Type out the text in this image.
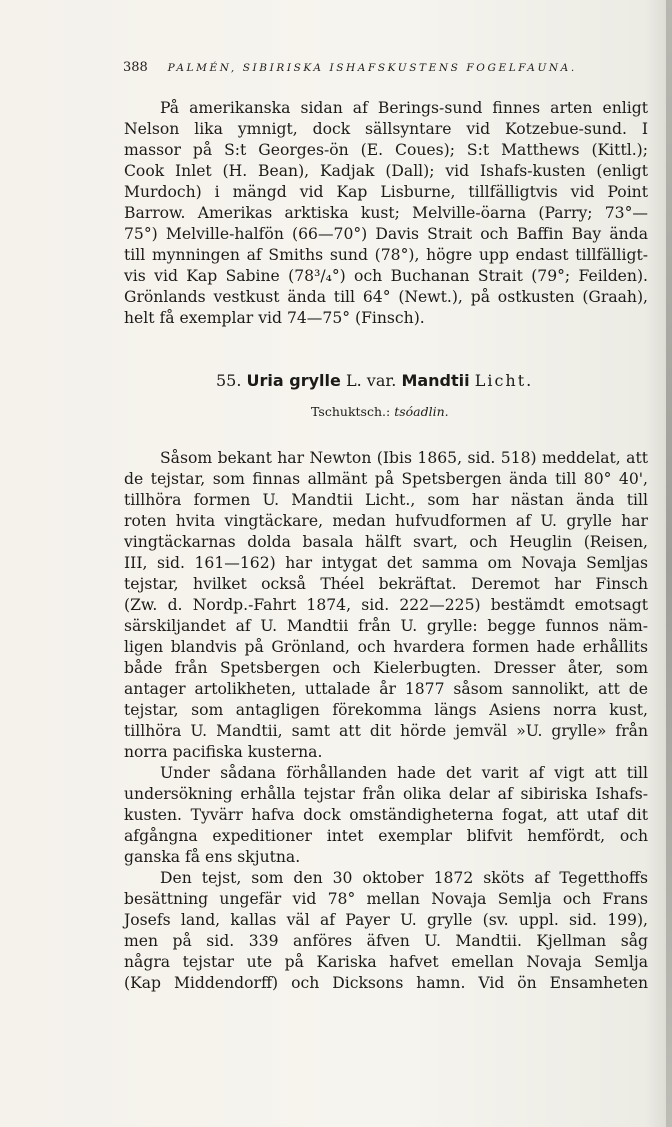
388 PALMÉN, SIBIRISKA ISHAFSKUSTENS FOGELFAUNA.
På amerikanska sidan af Berings-sund finnes arten enligt
Nelson lika ymnigt, dock sällsyntare vid Kotzebue-sund. I
massor på S:t Georges-ön (E. Coues); S:t Matthews (Kittl.);
Cook Inlet (H. Bean), Kadjak (Dall); vid Ishafs-kusten (enligt
Murdoch) i mängd vid Kap Lisburne, tillfälligtvis vid Point
Barrow. Amerikas arktiska kust; Melville-öarna (Parry; 73°—
75°) Melville-halfön (66—70°) Davis Strait och Baffin Bay ända
till mynningen af Smiths sund (78°), högre upp endast tillfälligt-
vis vid Kap Sabine (78³/₄°) och Buchanan Strait (79°; Feilden).
Grönlands vestkust ända till 64° (Newt.), på ostkusten (Graah),
helt få exemplar vid 74—75° (Finsch).
55. Uria grylle L. var. Mandtii Licht.
Tschuktsch.: tsóadlin.
Såsom bekant har Newton (Ibis 1865, sid. 518) meddelat, att
de tejstar, som finnas allmänt på Spetsbergen ända till 80° 40',
tillhöra formen U. Mandtii Licht., som har nästan ända till
roten hvita vingtäckare, medan hufvudformen af U. grylle har
vingtäckarnas dolda basala hälft svart, och Heuglin (Reisen,
III, sid. 161—162) har intygat det samma om Novaja Semljas
tejstar, hvilket också Théel bekräftat. Deremot har Finsch
(Zw. d. Nordp.-Fahrt 1874, sid. 222—225) bestämdt emotsagt
särskiljandet af U. Mandtii från U. grylle: begge funnos näm-
ligen blandvis på Grönland, och hvardera formen hade erhållits
både från Spetsbergen och Kielerbugten. Dresser åter, som
antager artolikheten, uttalade år 1877 såsom sannolikt, att de
tejstar, som antagligen förekomma längs Asiens norra kust,
tillhöra U. Mandtii, samt att dit hörde jemväl »U. grylle» från
norra pacifiska kusterna.
Under sådana förhållanden hade det varit af vigt att till
undersökning erhålla tejstar från olika delar af sibiriska Ishafs-
kusten. Tyvärr hafva dock omständigheterna fogat, att utaf dit
afgångna expeditioner intet exemplar blifvit hemfördt, och
ganska få ens skjutna.
Den tejst, som den 30 oktober 1872 sköts af Tegetthoffs
besättning ungefär vid 78° mellan Novaja Semlja och Frans
Josefs land, kallas väl af Payer U. grylle (sv. uppl. sid. 199),
men på sid. 339 anföres äfven U. Mandtii. Kjellman såg
några tejstar ute på Kariska hafvet emellan Novaja Semlja
(Kap Middendorff) och Dicksons hamn. Vid ön Ensamheten
